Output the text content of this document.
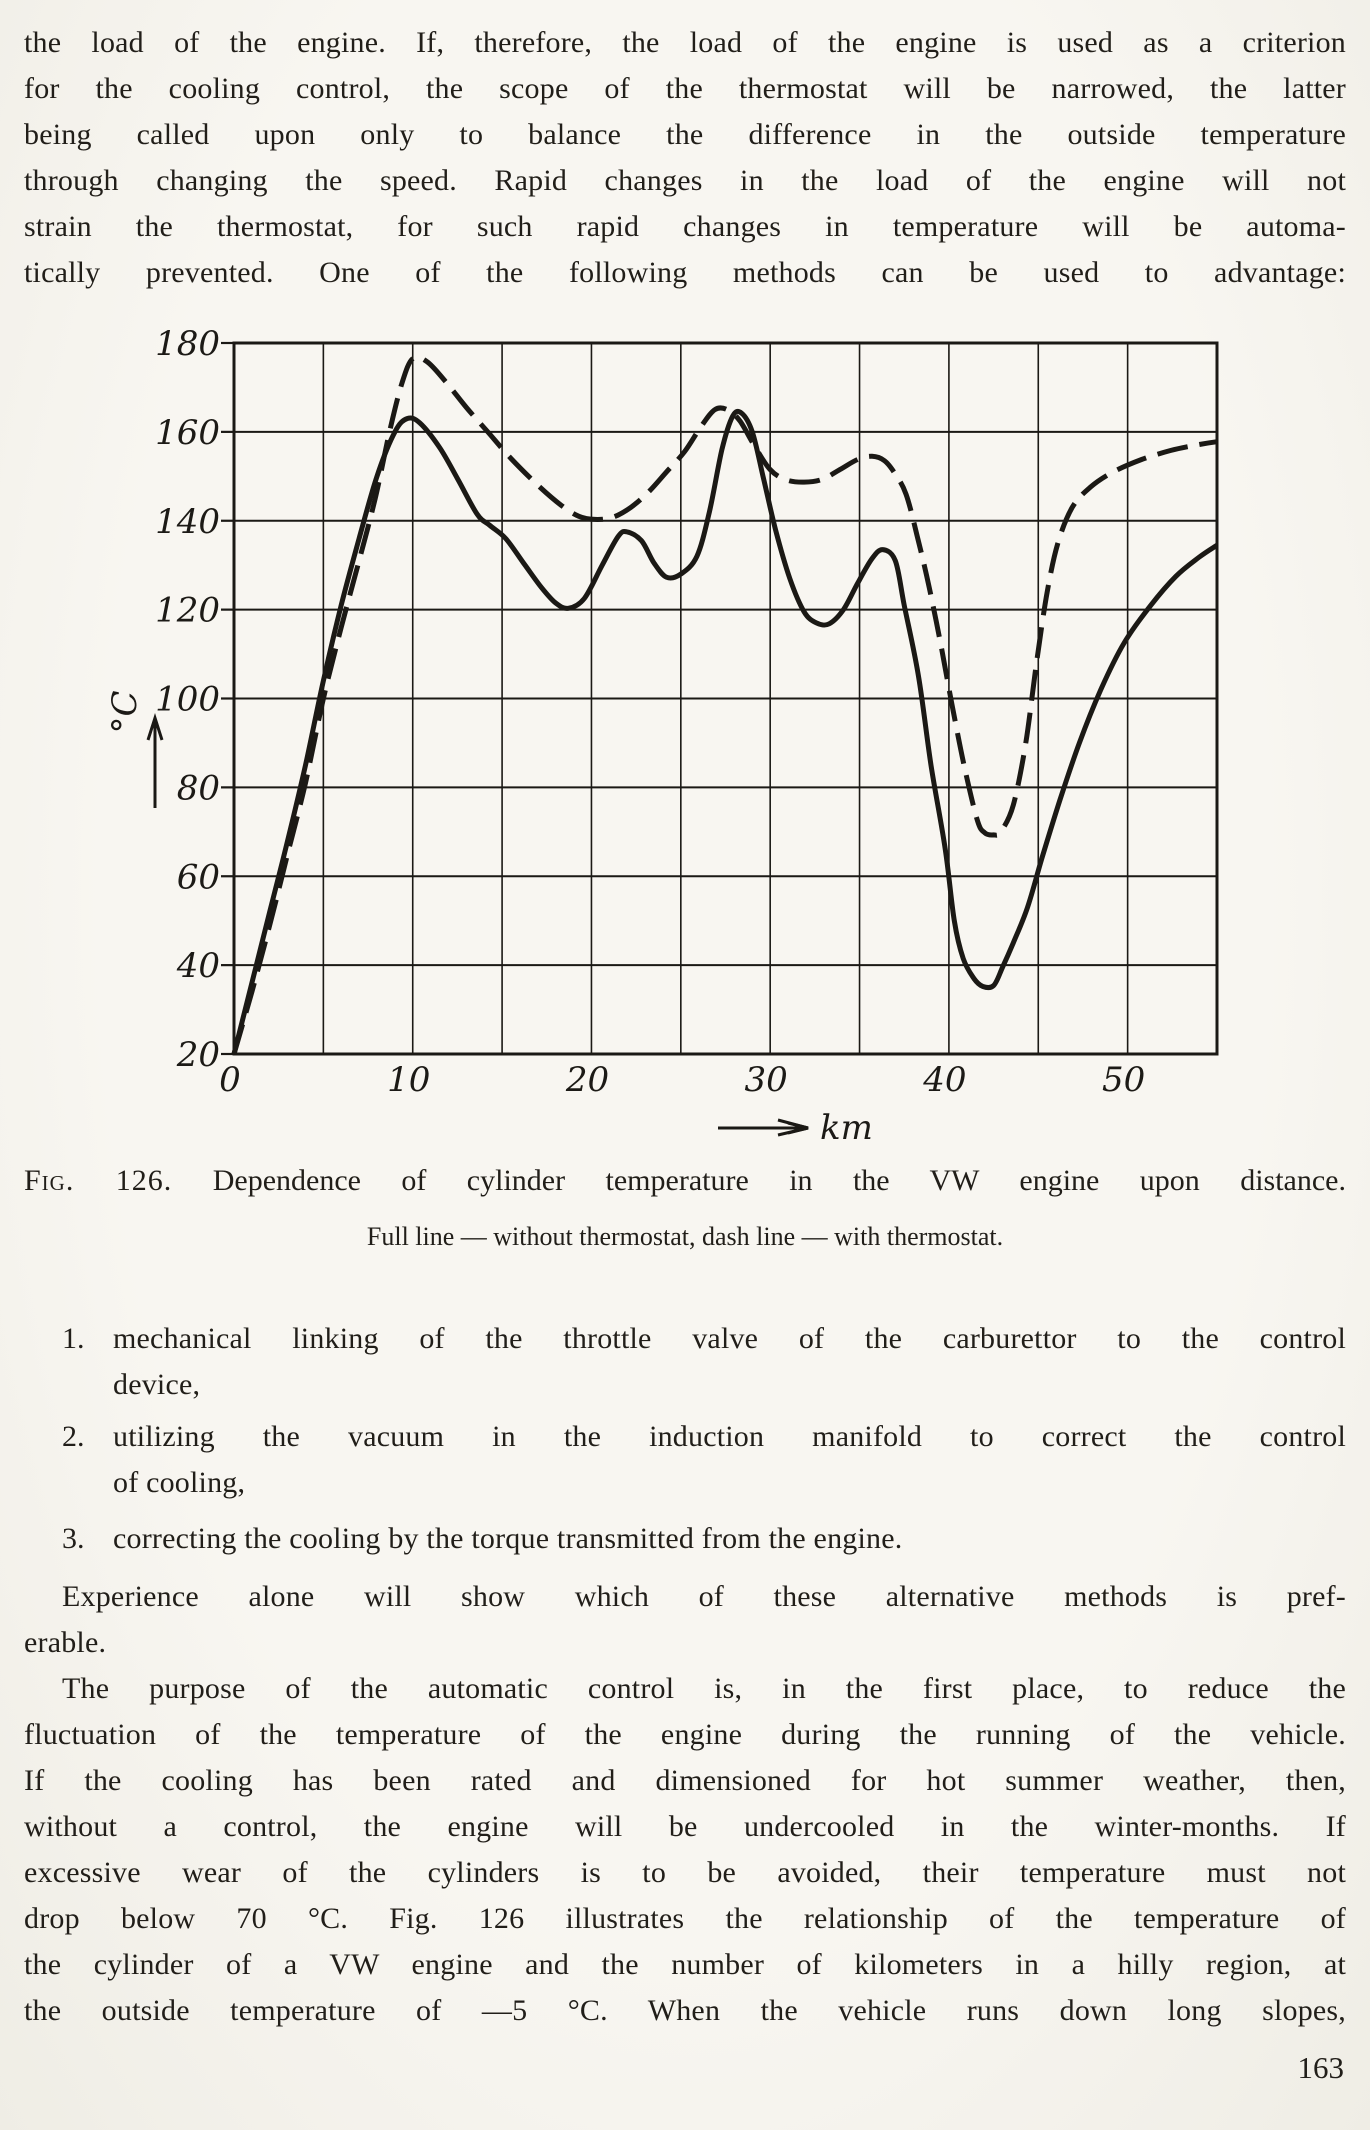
the load of the engine. If, therefore, the load of the engine is used as a criterion
for the cooling control, the scope of the thermostat will be narrowed, the latter
being called upon only to balance the difference in the outside temperature
through changing the speed. Rapid changes in the load of the engine will not
strain the thermostat, for such rapid changes in temperature will be automa-
tically prevented. One of the following methods can be used to advantage:
20
40
60
80
100
120
140
160
180
0	10	20	30	40	50
°C
km
Fig. 126. Dependence of cylinder temperature in the VW engine upon distance.
Full line — without thermostat, dash line — with thermostat.
1. mechanical linking of the throttle valve of the carburettor to the control
device,
2. utilizing the vacuum in the induction manifold to correct the control
of cooling,
3. correcting the cooling by the torque transmitted from the engine.
Experience alone will show which of these alternative methods is pref-
erable.
The purpose of the automatic control is, in the first place, to reduce the
fluctuation of the temperature of the engine during the running of the vehicle.
If the cooling has been rated and dimensioned for hot summer weather, then,
without a control, the engine will be undercooled in the winter-months. If
excessive wear of the cylinders is to be avoided, their temperature must not
drop below 70 °C. Fig. 126 illustrates the relationship of the temperature of
the cylinder of a VW engine and the number of kilometers in a hilly region, at
the outside temperature of —5 °C. When the vehicle runs down long slopes,
163
